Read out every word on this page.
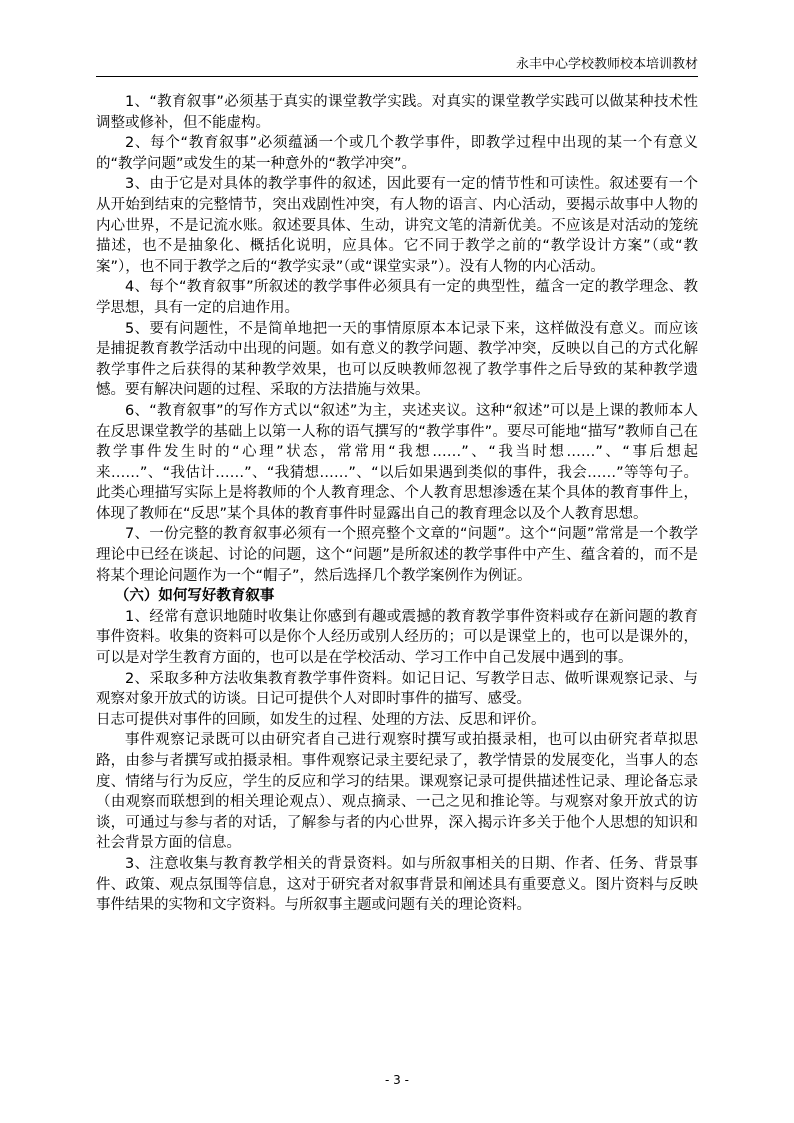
永丰中心学校教师校本培训教材

1、“教育叙事”必须基于真实的课堂教学实践。对真实的课堂教学实践可以做某种技术性调整或修补，但不能虚构。

2、每个“教育叙事”必须蕴涵一个或几个教学事件，即教学过程中出现的某一个有意义的“教学问题”或发生的某一种意外的“教学冲突”。

3、由于它是对具体的教学事件的叙述，因此要有一定的情节性和可读性。叙述要有一个从开始到结束的完整情节，突出戏剧性冲突，有人物的语言、内心活动，要揭示故事中人物的内心世界，不是记流水账。叙述要具体、生动，讲究文笔的清新优美。不应该是对活动的笼统描述，也不是抽象化、概括化说明，应具体。它不同于教学之前的“教学设计方案”（或“教案”），也不同于教学之后的“教学实录”（或“课堂实录”）。没有人物的内心活动。

4、每个“教育叙事”所叙述的教学事件必须具有一定的典型性，蕴含一定的教学理念、教学思想，具有一定的启迪作用。

5、要有问题性，不是简单地把一天的事情原原本本记录下来，这样做没有意义。而应该是捕捉教育教学活动中出现的问题。如有意义的教学问题、教学冲突，反映以自己的方式化解教学事件之后获得的某种教学效果，也可以反映教师忽视了教学事件之后导致的某种教学遗憾。要有解决问题的过程、采取的方法措施与效果。

6、“教育叙事”的写作方式以“叙述”为主，夹述夹议。这种“叙述”可以是上课的教师本人在反思课堂教学的基础上以第一人称的语气撰写的“教学事件”。要尽可能地“描写”教师自己在教学事件发生时的“心理”状态，常常用“我想……”、“我当时想……”、“事后想起来……”、“我估计……”、“我猜想……”、“以后如果遇到类似的事件，我会……”等等句子。此类心理描写实际上是将教师的个人教育理念、个人教育思想渗透在某个具体的教育事件上，体现了教师在“反思”某个具体的教育事件时显露出自己的教育理念以及个人教育思想。

7、一份完整的教育叙事必须有一个照亮整个文章的“问题”。这个“问题”常常是一个教学理论中已经在谈起、讨论的问题，这个“问题”是所叙述的教学事件中产生、蕴含着的，而不是将某个理论问题作为一个“帽子”，然后选择几个教学案例作为例证。

（六）如何写好教育叙事

1、经常有意识地随时收集让你感到有趣或震撼的教育教学事件资料或存在新问题的教育事件资料。收集的资料可以是你个人经历或别人经历的；可以是课堂上的，也可以是课外的，可以是对学生教育方面的，也可以是在学校活动、学习工作中自己发展中遇到的事。

2、采取多种方法收集教育教学事件资料。如记日记、写教学日志、做听课观察记录、与观察对象开放式的访谈。日记可提供个人对即时事件的描写、感受。

日志可提供对事件的回顾，如发生的过程、处理的方法、反思和评价。

事件观察记录既可以由研究者自己进行观察时撰写或拍摄录相，也可以由研究者草拟思路，由参与者撰写或拍摄录相。事件观察记录主要纪录了，教学情景的发展变化，当事人的态度、情绪与行为反应，学生的反应和学习的结果。课观察记录可提供描述性记录、理论备忘录（由观察而联想到的相关理论观点）、观点摘录、一己之见和推论等。与观察对象开放式的访谈，可通过与参与者的对话，了解参与者的内心世界，深入揭示许多关于他个人思想的知识和社会背景方面的信息。

3、注意收集与教育教学相关的背景资料。如与所叙事相关的日期、作者、任务、背景事件、政策、观点氛围等信息，这对于研究者对叙事背景和阐述具有重要意义。图片资料与反映事件结果的实物和文字资料。与所叙事主题或问题有关的理论资料。

- 3 -
